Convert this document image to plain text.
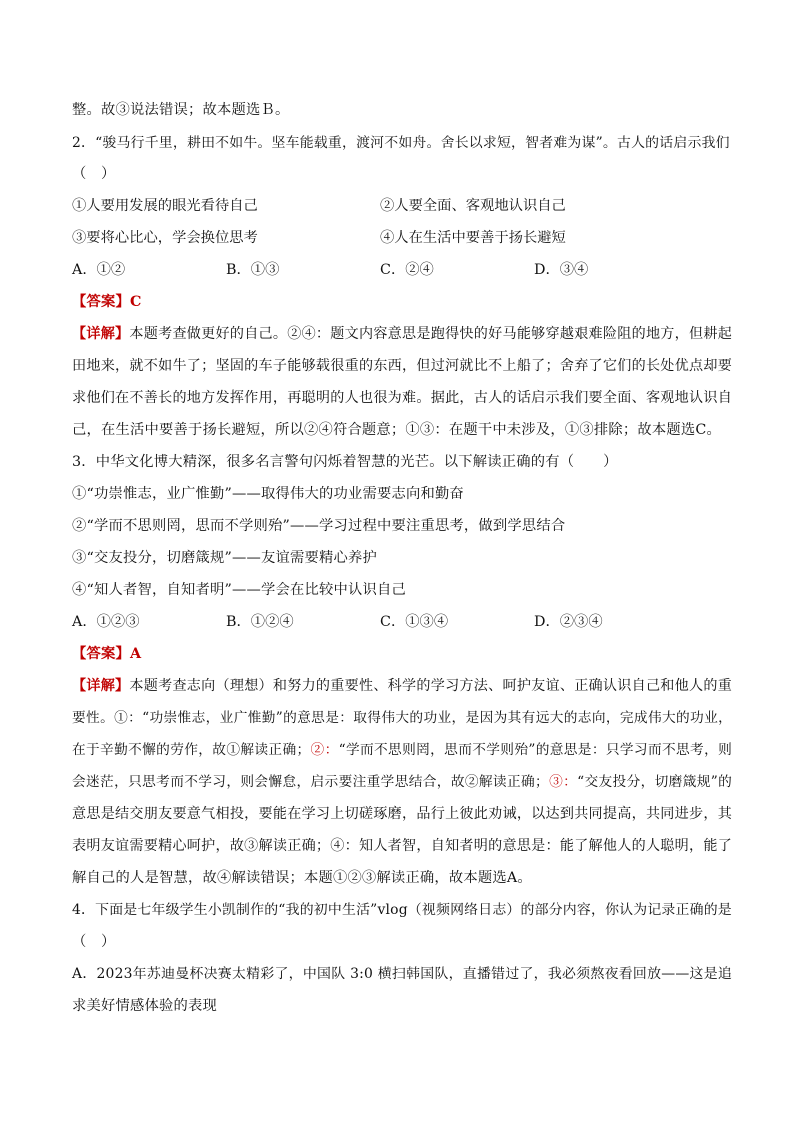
整。故③说法错误；故本题选Ｂ。
2．“骏马行千里，耕田不如牛。坚车能载重，渡河不如舟。舍长以求短，智者难为谋”。古人的话启示我们
（　）
①人要用发展的眼光看待自己	②人要全面、客观地认识自己
③要将心比心，学会换位思考	④人在生活中要善于扬长避短
A．①②	B．①③	C．②④	D．③④
【答案】C
【详解】本题考查做更好的自己。②④：题文内容意思是跑得快的好马能够穿越艰难险阻的地方，但耕起
田地来，就不如牛了；坚固的车子能够载很重的东西，但过河就比不上船了；舍弃了它们的长处优点却要
求他们在不善长的地方发挥作用，再聪明的人也很为难。据此，古人的话启示我们要全面、客观地认识自
己，在生活中要善于扬长避短，所以②④符合题意；①③：在题干中未涉及，①③排除；故本题选C。
3．中华文化博大精深，很多名言警句闪烁着智慧的光芒。以下解读正确的有（　　）
①“功崇惟志，业广惟勤”——取得伟大的功业需要志向和勤奋
②“学而不思则罔，思而不学则殆”——学习过程中要注重思考，做到学思结合
③“交友投分，切磨箴规”——友谊需要精心养护
④“知人者智，自知者明”——学会在比较中认识自己
A．①②③	B．①②④	C．①③④	D．②③④
【答案】A
【详解】本题考查志向（理想）和努力的重要性、科学的学习方法、呵护友谊、正确认识自己和他人的重
要性。①：“功崇惟志，业广惟勤”的意思是：取得伟大的功业，是因为其有远大的志向，完成伟大的功业，
在于辛勤不懈的劳作，故①解读正确；②：“学而不思则罔，思而不学则殆”的意思是：只学习而不思考，则
会迷茫，只思考而不学习，则会懈怠，启示要注重学思结合，故②解读正确；③：“交友投分，切磨箴规”的
意思是结交朋友要意气相投，要能在学习上切磋琢磨，品行上彼此劝诫，以达到共同提高，共同进步，其
表明友谊需要精心呵护，故③解读正确；④：知人者智，自知者明的意思是：能了解他人的人聪明，能了
解自己的人是智慧，故④解读错误；本题①②③解读正确，故本题选A。
4．下面是七年级学生小凯制作的“我的初中生活”vlog（视频网络日志）的部分内容，你认为记录正确的是
（　）
A．2023年苏迪曼杯决赛太精彩了，中国队 3:0 横扫韩国队，直播错过了，我必须熬夜看回放——这是追
求美好情感体验的表现
